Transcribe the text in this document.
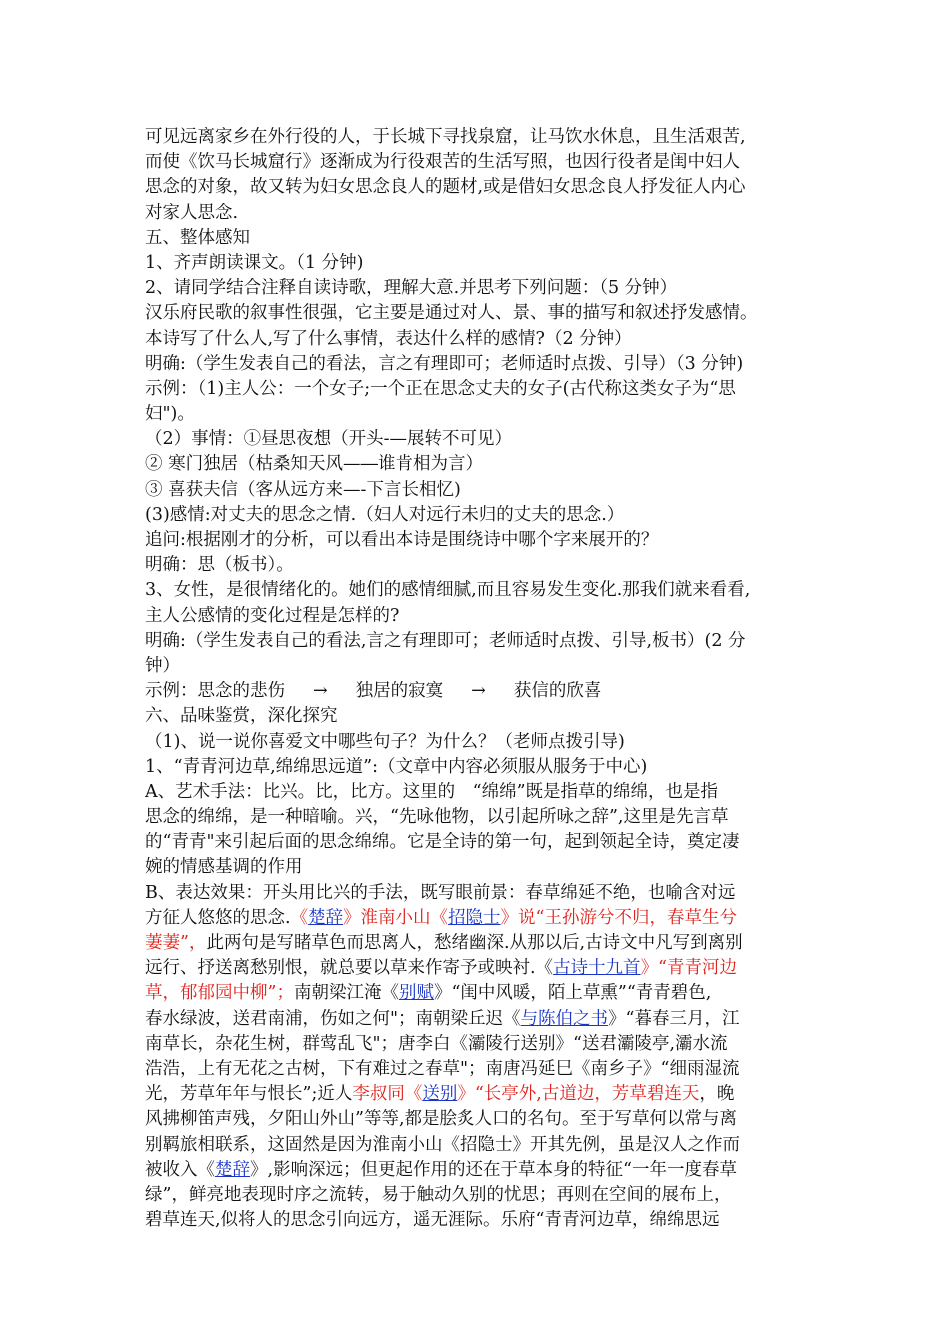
可见远离家乡在外行役的人，于长城下寻找泉窟，让马饮水休息，且生活艰苦,
而使《饮马长城窟行》逐渐成为行役艰苦的生活写照，也因行役者是闺中妇人
思念的对象，故又转为妇女思念良人的题材,或是借妇女思念良人抒发征人内心
对家人思念.
五、整体感知
1、齐声朗读课文。（1 分钟)
2、请同学结合注释自读诗歌，理解大意.并思考下列问题：（5 分钟）
汉乐府民歌的叙事性很强，它主要是通过对人、景、事的描写和叙述抒发感情。
本诗写了什么人,写了什么事情，表达什么样的感情?（2 分钟）
明确:（学生发表自己的看法，言之有理即可；老师适时点拨、引导）（3 分钟)
示例：（1)主人公：一个女子;一个正在思念丈夫的女子(古代称这类女子为“思
妇")。
（2）事情：①昼思夜想（开头-—展转不可见）
② 寒门独居（枯桑知天风—―谁肯相为言）
③ 喜获夫信（客从远方来—-下言长相忆)
(3)感情:对丈夫的思念之情.（妇人对远行未归的丈夫的思念.）
追问:根据刚才的分析，可以看出本诗是围绕诗中哪个字来展开的？
明确：思（板书）。
3、女性，是很情绪化的。她们的感情细腻,而且容易发生变化.那我们就来看看,
主人公感情的变化过程是怎样的?
明确:（学生发表自己的看法,言之有理即可；老师适时点拨、引导,板书）(2 分
钟）
示例：思念的悲伤 → 独居的寂寞 → 获信的欣喜
六、品味鉴赏，深化探究
（1)、说一说你喜爱文中哪些句子？为什么？（老师点拨引导)
1、“青青河边草,绵绵思远道”:（文章中内容必须服从服务于中心)
A、艺术手法：比兴。比，比方。这里的　“绵绵”既是指草的绵绵，也是指
思念的绵绵，是一种暗喻。兴，“先咏他物，以引起所咏之辞”,这里是先言草
的“青青"来引起后面的思念绵绵。它是全诗的第一句，起到领起全诗，奠定凄
婉的情感基调的作用
B、表达效果：开头用比兴的手法，既写眼前景：春草绵延不绝，也喻含对远
方征人悠悠的思念.《楚辞》淮南小山《招隐士》说“王孙游兮不归，春草生兮
萋萋”，此两句是写睹草色而思离人，愁绪幽深.从那以后,古诗文中凡写到离别
远行、抒送离愁别恨，就总要以草来作寄予或映衬.《古诗十九首》“青青河边
草，郁郁园中柳”；南朝梁江淹《别赋》“闺中风暖，陌上草熏”“青青碧色,
春水绿波，送君南浦，伤如之何"；南朝梁丘迟《与陈伯之书》“暮春三月，江
南草长，杂花生树，群莺乱飞"；唐李白《灞陵行送别》“送君灞陵亭,灞水流
浩浩，上有无花之古树，下有难过之春草"；南唐冯延巳《南乡子》“细雨湿流
光，芳草年年与恨长”;近人李叔同《送别》“长亭外,古道边，芳草碧连天，晚
风拂柳笛声残，夕阳山外山”等等,都是脍炙人口的名句。至于写草何以常与离
别羁旅相联系，这固然是因为淮南小山《招隐士》开其先例，虽是汉人之作而
被收入《楚辞》,影响深远；但更起作用的还在于草本身的特征“一年一度春草
绿”，鲜亮地表现时序之流转，易于触动久别的忧思；再则在空间的展布上，
碧草连天,似将人的思念引向远方，遥无涯际。乐府“青青河边草，绵绵思远
